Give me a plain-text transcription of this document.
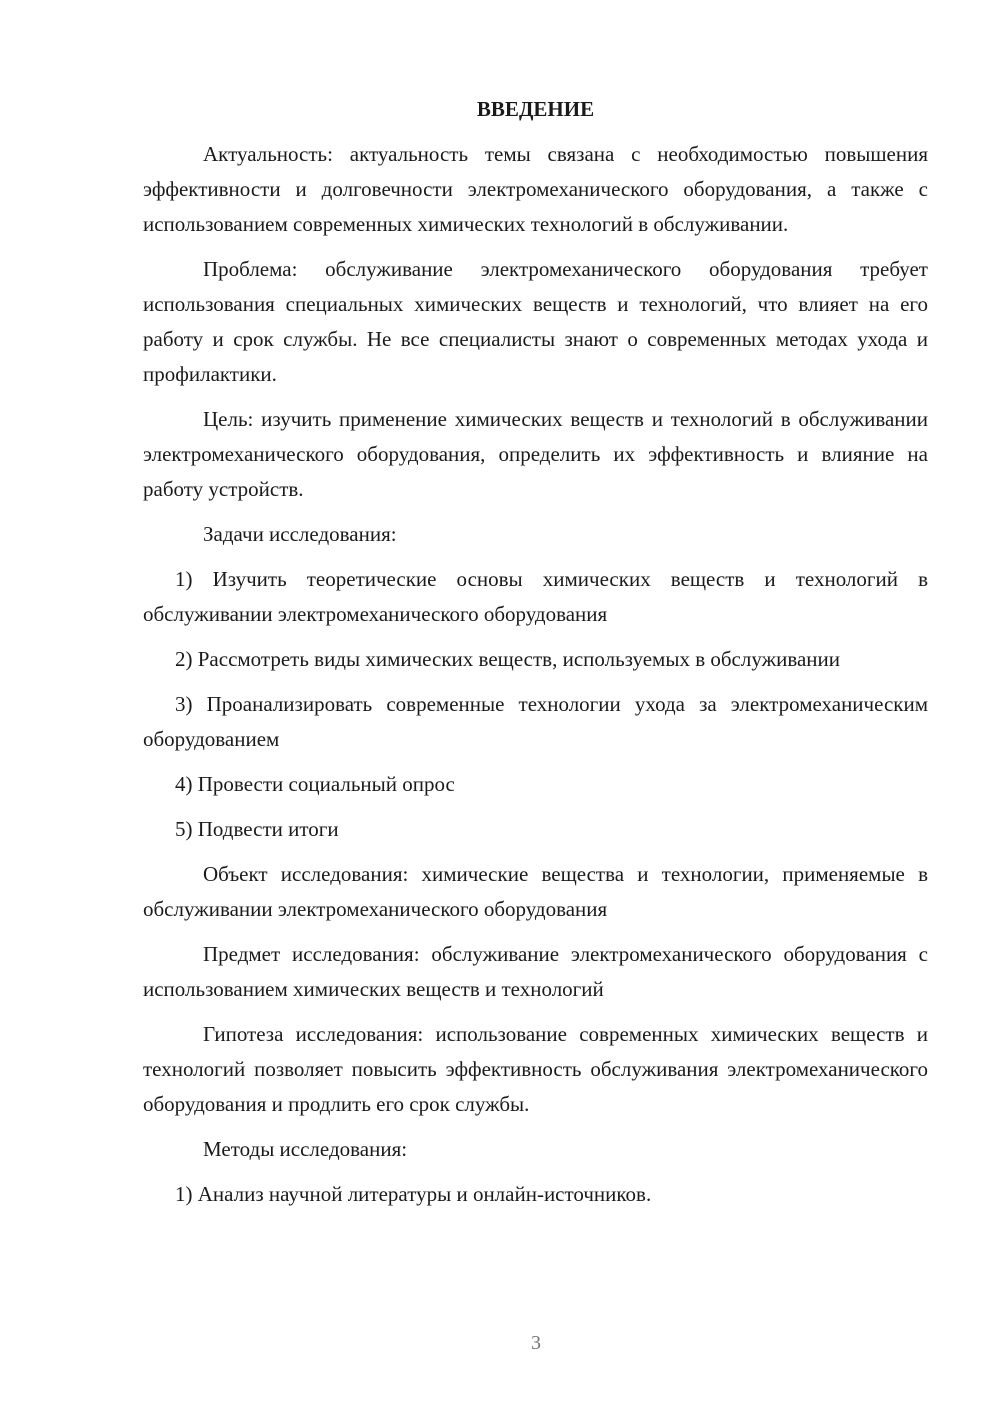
ВВЕДЕНИЕ

Актуальность: актуальность темы связана с необходимостью повышения эффективности и долговечности электромеханического оборудования, а также с использованием современных химических технологий в обслуживании.

Проблема: обслуживание электромеханического оборудования требует использования специальных химических веществ и технологий, что влияет на его работу и срок службы. Не все специалисты знают о современных методах ухода и профилактики.

Цель: изучить применение химических веществ и технологий в обслуживании электромеханического оборудования, определить их эффективность и влияние на работу устройств.

Задачи исследования:

1) Изучить теоретические основы химических веществ и технологий в обслуживании электромеханического оборудования

2) Рассмотреть виды химических веществ, используемых в обслуживании

3) Проанализировать современные технологии ухода за электромеханическим оборудованием

4) Провести социальный опрос

5) Подвести итоги

Объект исследования: химические вещества и технологии, применяемые в обслуживании электромеханического оборудования

Предмет исследования: обслуживание электромеханического оборудования с использованием химических веществ и технологий

Гипотеза исследования: использование современных химических веществ и технологий позволяет повысить эффективность обслуживания электромеханического оборудования и продлить его срок службы.

Методы исследования:

1) Анализ научной литературы и онлайн-источников.

3
